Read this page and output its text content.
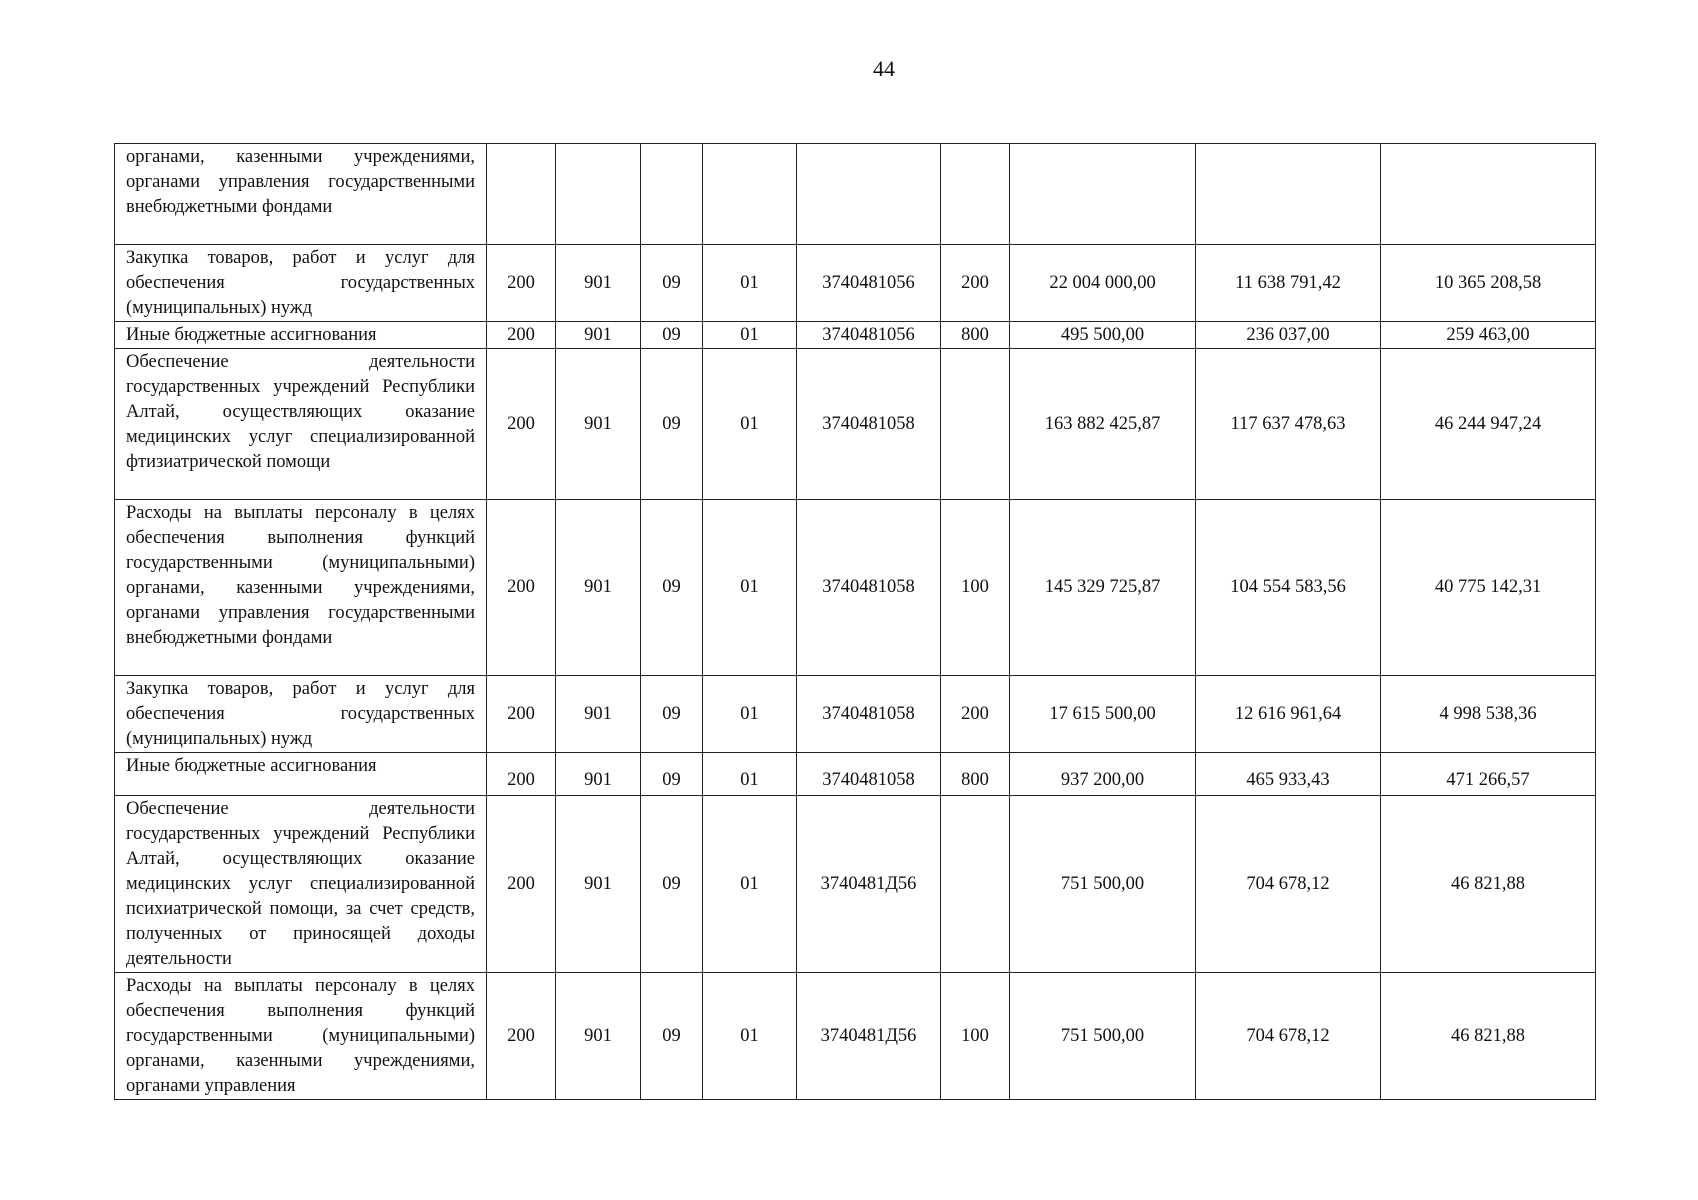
44
органами, казенными учреждениями, органами управления государственными внебюджетными фондами									
Закупка товаров, работ и услуг для обеспечения государственных (муниципальных) нужд	200	901	09	01	3740481056	200	22 004 000,00	11 638 791,42	10 365 208,58
Иные бюджетные ассигнования	200	901	09	01	3740481056	800	495 500,00	236 037,00	259 463,00
Обеспечение деятельности государственных учреждений Республики Алтай, осуществляющих оказание медицинских услуг специализированной фтизиатрической помощи	200	901	09	01	3740481058		163 882 425,87	117 637 478,63	46 244 947,24
Расходы на выплаты персоналу в целях обеспечения выполнения функций государственными (муниципальными) органами, казенными учреждениями, органами управления государственными внебюджетными фондами	200	901	09	01	3740481058	100	145 329 725,87	104 554 583,56	40 775 142,31
Закупка товаров, работ и услуг для обеспечения государственных (муниципальных) нужд	200	901	09	01	3740481058	200	17 615 500,00	12 616 961,64	4 998 538,36
Иные бюджетные ассигнования	200	901	09	01	3740481058	800	937 200,00	465 933,43	471 266,57
Обеспечение деятельности государственных учреждений Республики Алтай, осуществляющих оказание медицинских услуг специализированной психиатрической помощи, за счет средств, полученных от приносящей доходы деятельности	200	901	09	01	3740481Д56		751 500,00	704 678,12	46 821,88
Расходы на выплаты персоналу в целях обеспечения выполнения функций государственными (муниципальными) органами, казенными учреждениями, органами управления	200	901	09	01	3740481Д56	100	751 500,00	704 678,12	46 821,88
